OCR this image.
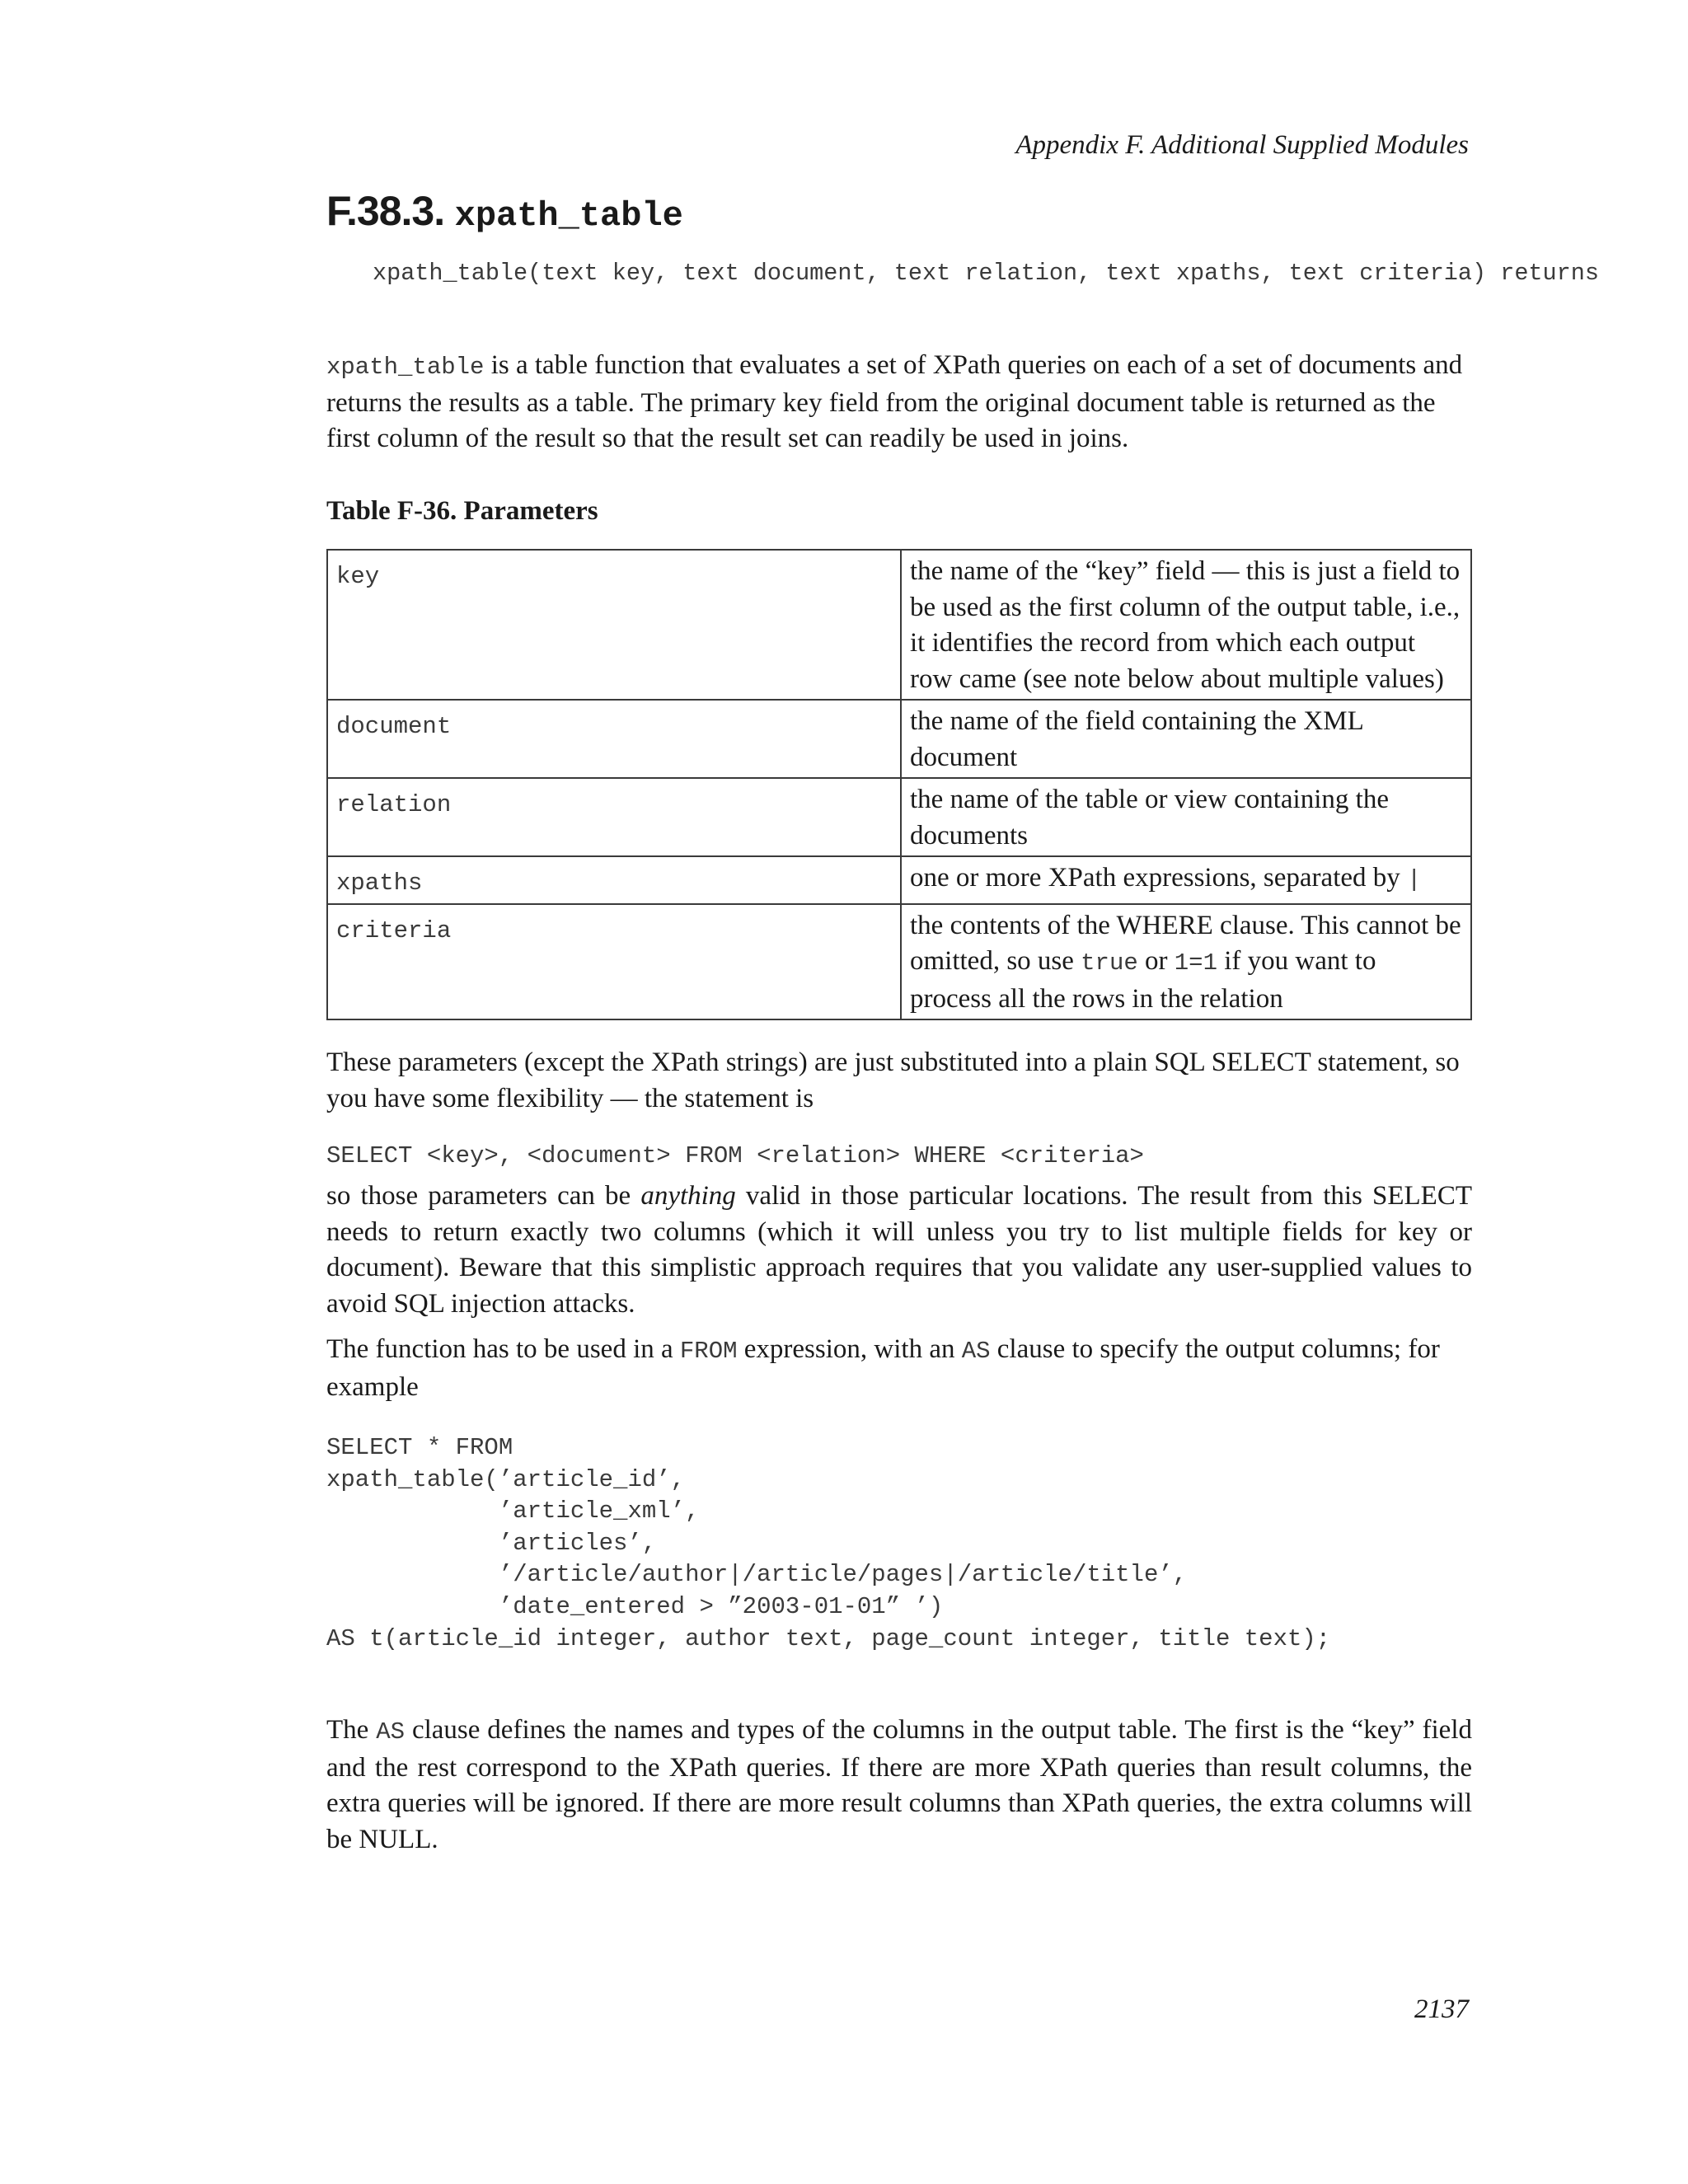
Appendix F. Additional Supplied Modules
F.38.3. xpath_table
xpath_table(text key, text document, text relation, text xpaths, text criteria) returns

xpath_table is a table function that evaluates a set of XPath queries on each of a set of documents and returns the results as a table. The primary key field from the original document table is returned as the first column of the result so that the result set can readily be used in joins.

Table F-36. Parameters
key	the name of the “key” field — this is just a field to be used as the first column of the output table, i.e., it identifies the record from which each output row came (see note below about multiple values)
document	the name of the field containing the XML document
relation	the name of the table or view containing the documents
xpaths	one or more XPath expressions, separated by |
criteria	the contents of the WHERE clause. This cannot be omitted, so use true or 1=1 if you want to process all the rows in the relation

These parameters (except the XPath strings) are just substituted into a plain SQL SELECT statement, so you have some flexibility — the statement is

SELECT <key>, <document> FROM <relation> WHERE <criteria>

so those parameters can be anything valid in those particular locations. The result from this SELECT needs to return exactly two columns (which it will unless you try to list multiple fields for key or document). Beware that this simplistic approach requires that you validate any user-supplied values to avoid SQL injection attacks.

The function has to be used in a FROM expression, with an AS clause to specify the output columns; for example

SELECT * FROM
xpath_table(’article_id’,
’article_xml’,
’articles’,
’/article/author|/article/pages|/article/title’,
’date_entered > ”2003-01-01” ’)
AS t(article_id integer, author text, page_count integer, title text);

The AS clause defines the names and types of the columns in the output table. The first is the “key” field and the rest correspond to the XPath queries. If there are more XPath queries than result columns, the extra queries will be ignored. If there are more result columns than XPath queries, the extra columns will be NULL.

2137
